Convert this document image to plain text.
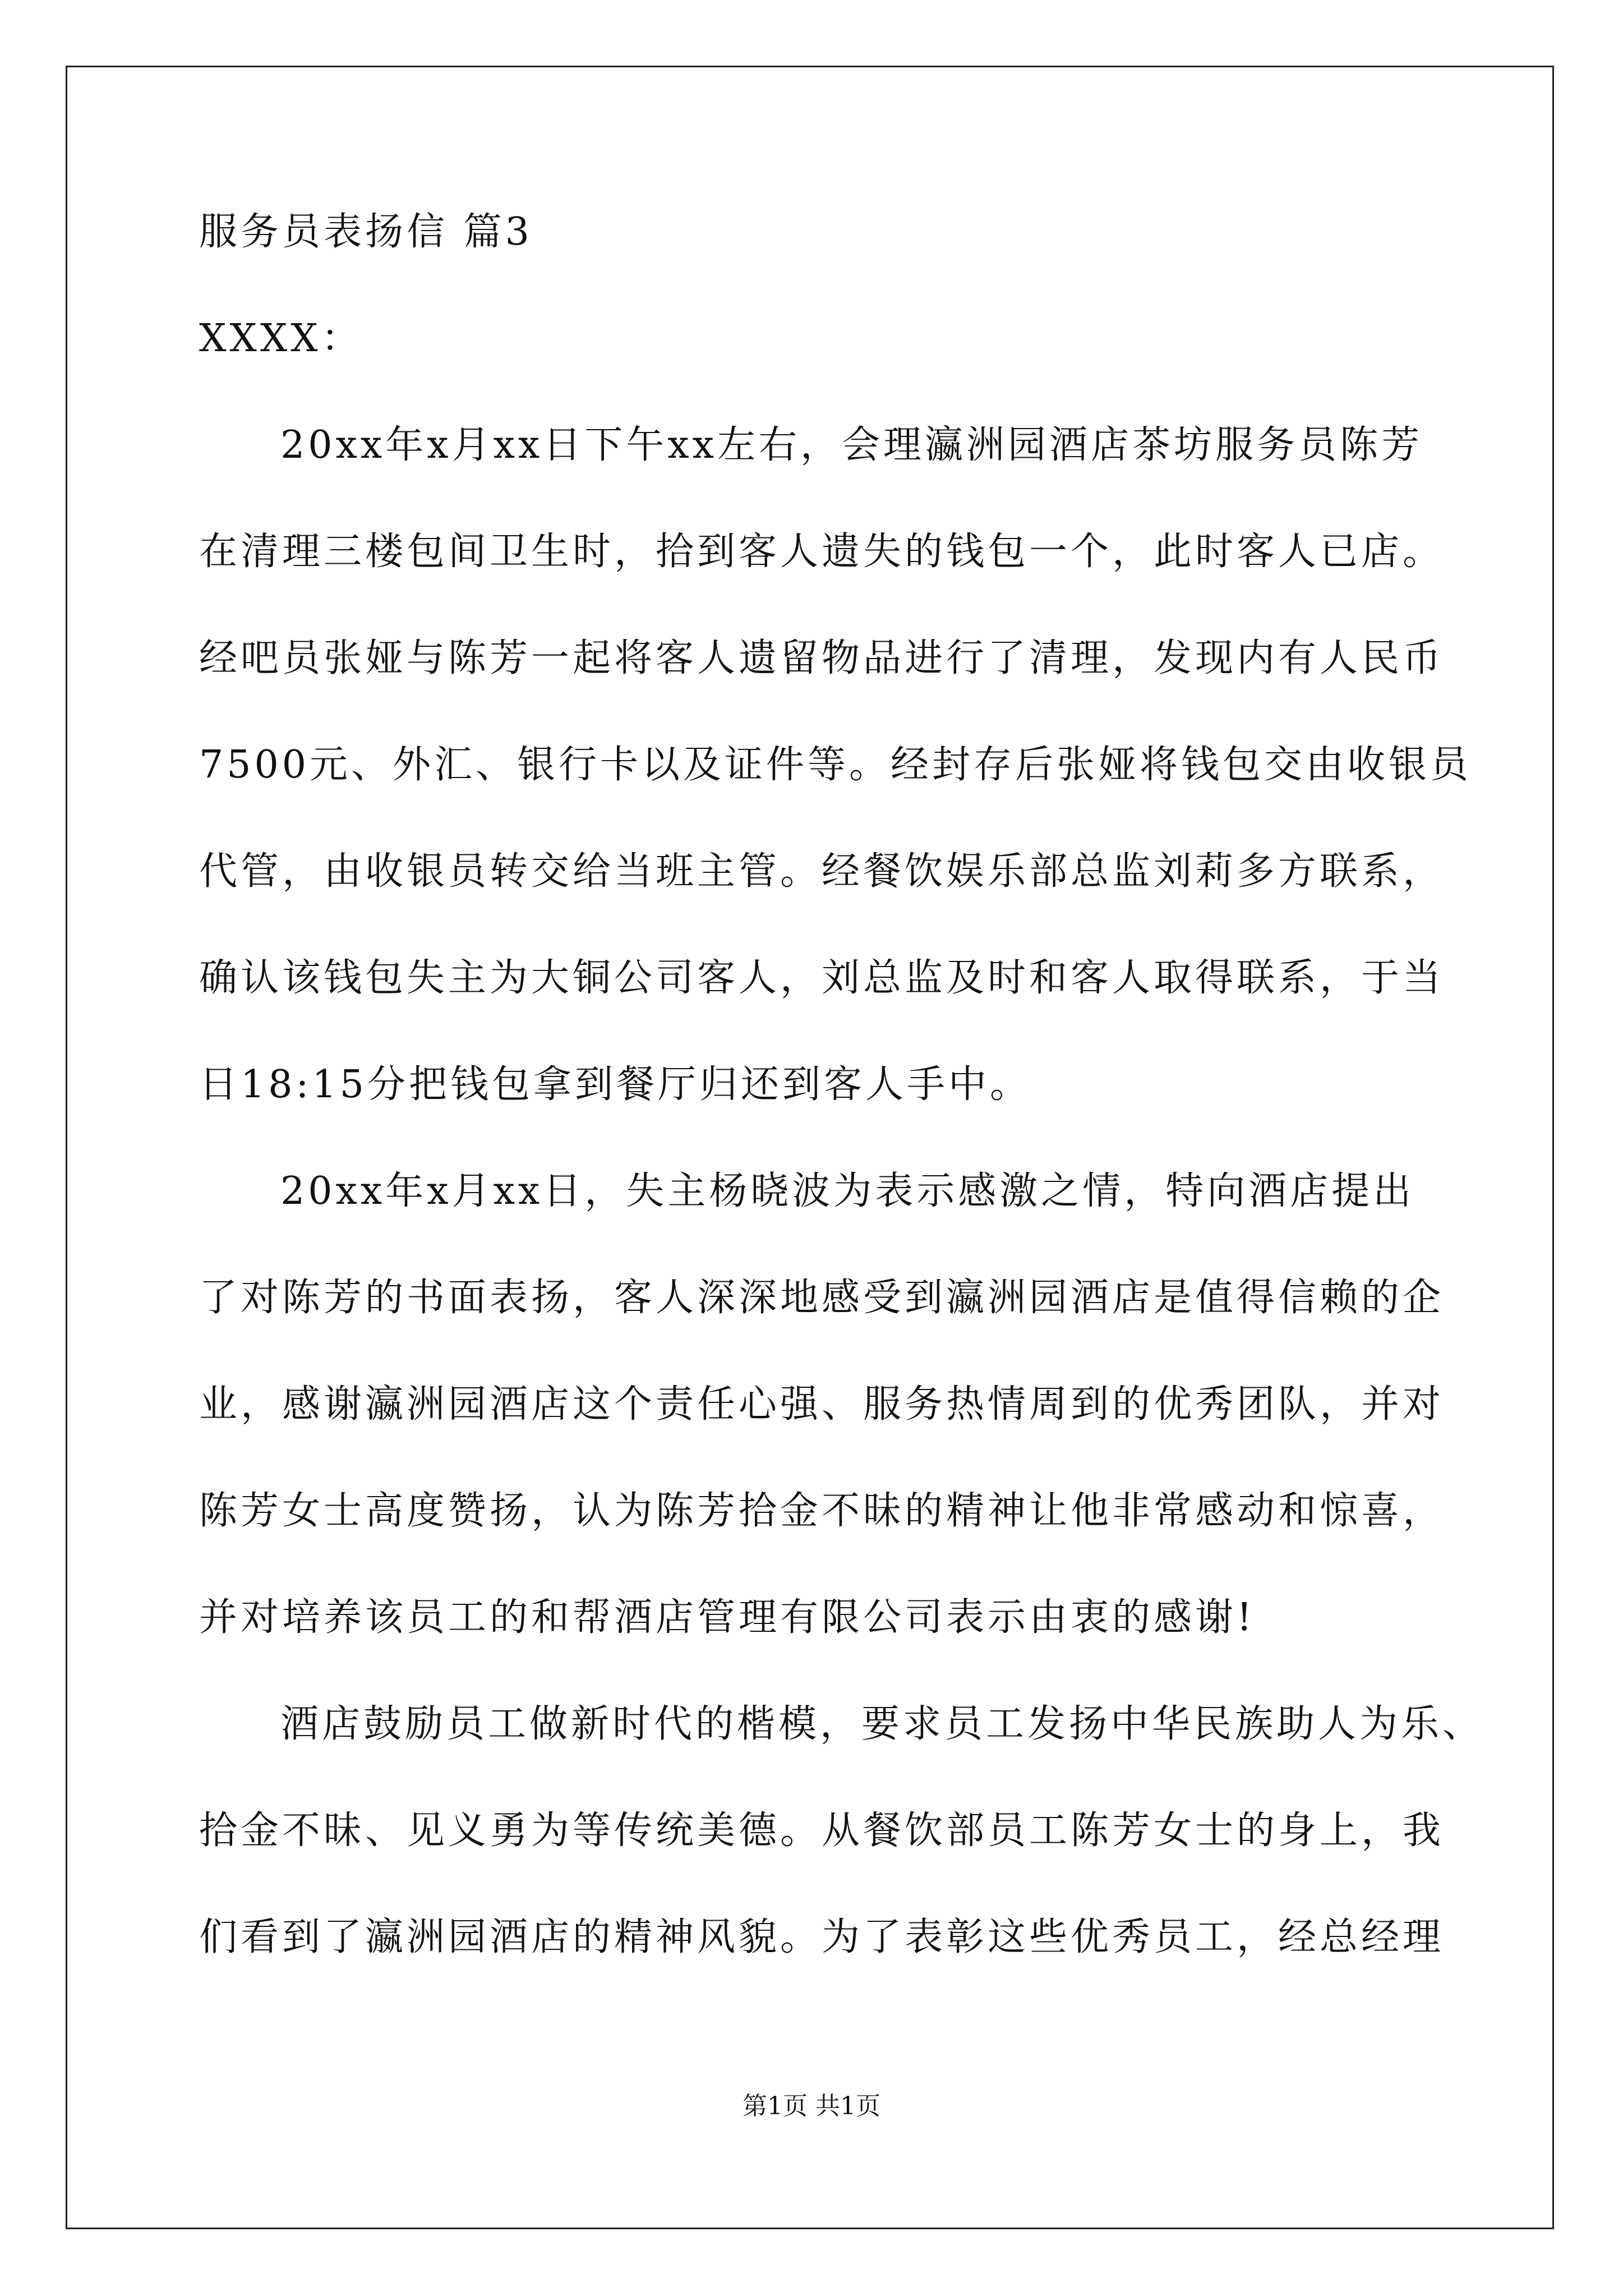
服务员表扬信 篇3
XXXX：
20xx年x月xx日下午xx左右，会理瀛洲园酒店茶坊服务员陈芳
在清理三楼包间卫生时，拾到客人遗失的钱包一个，此时客人已店。
经吧员张娅与陈芳一起将客人遗留物品进行了清理，发现内有人民币
7500元、外汇、银行卡以及证件等。经封存后张娅将钱包交由收银员
代管，由收银员转交给当班主管。经餐饮娱乐部总监刘莉多方联系，
确认该钱包失主为大铜公司客人，刘总监及时和客人取得联系，于当
日18:15分把钱包拿到餐厅归还到客人手中。
20xx年x月xx日，失主杨晓波为表示感激之情，特向酒店提出
了对陈芳的书面表扬，客人深深地感受到瀛洲园酒店是值得信赖的企
业，感谢瀛洲园酒店这个责任心强、服务热情周到的优秀团队，并对
陈芳女士高度赞扬，认为陈芳拾金不昧的精神让他非常感动和惊喜，
并对培养该员工的和帮酒店管理有限公司表示由衷的感谢!
酒店鼓励员工做新时代的楷模，要求员工发扬中华民族助人为乐、
拾金不昧、见义勇为等传统美德。从餐饮部员工陈芳女士的身上，我
们看到了瀛洲园酒店的精神风貌。为了表彰这些优秀员工，经总经理
第1页 共1页
